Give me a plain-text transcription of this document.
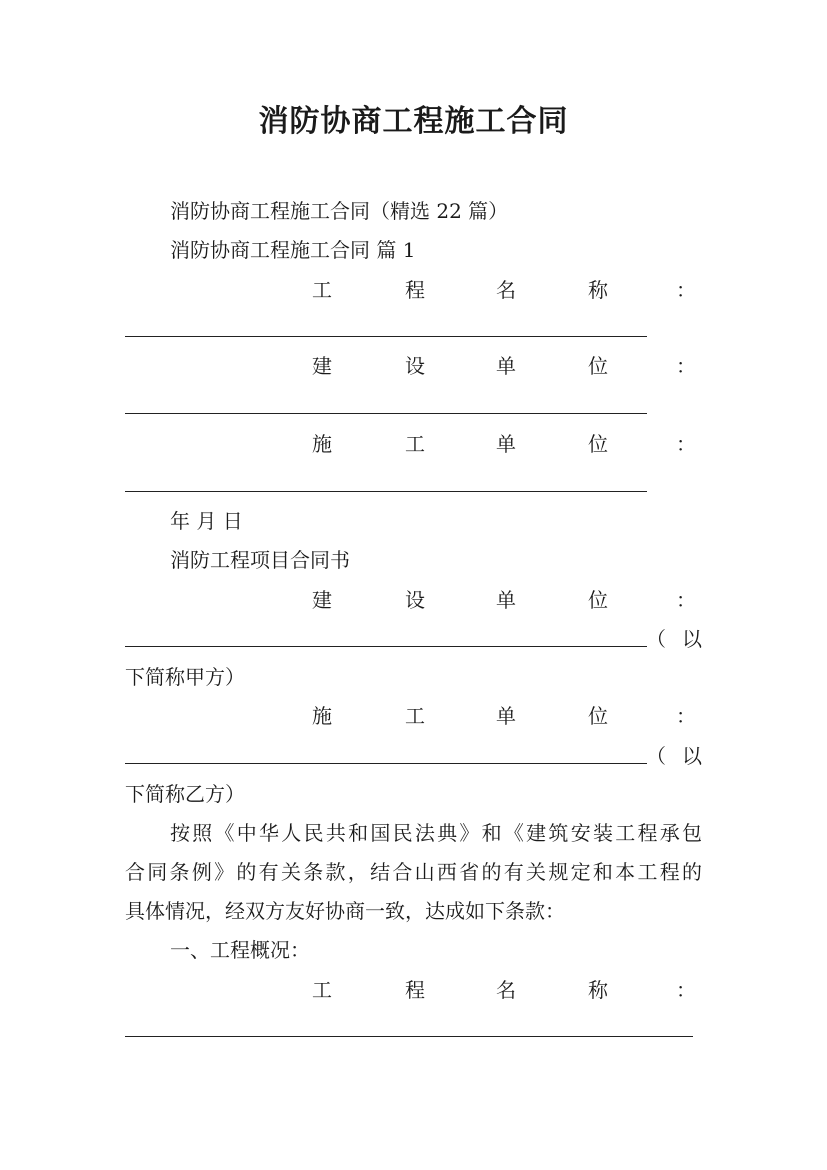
消防协商工程施工合同

消防协商工程施工合同（精选 22 篇）

消防协商工程施工合同 篇 1

工	程	名	称	：
建	设	单	位	：
施	工	单	位	：

年 月 日

消防工程项目合同书

建	设	单	位	：
（ 以

下简称甲方）

施	工	单	位	：
（ 以

下简称乙方）

按照《中华人民共和国民法典》和《建筑安装工程承包
合同条例》的有关条款，结合山西省的有关规定和本工程的

具体情况，经双方友好协商一致，达成如下条款：

一、工程概况：

工	程	名	称	：
